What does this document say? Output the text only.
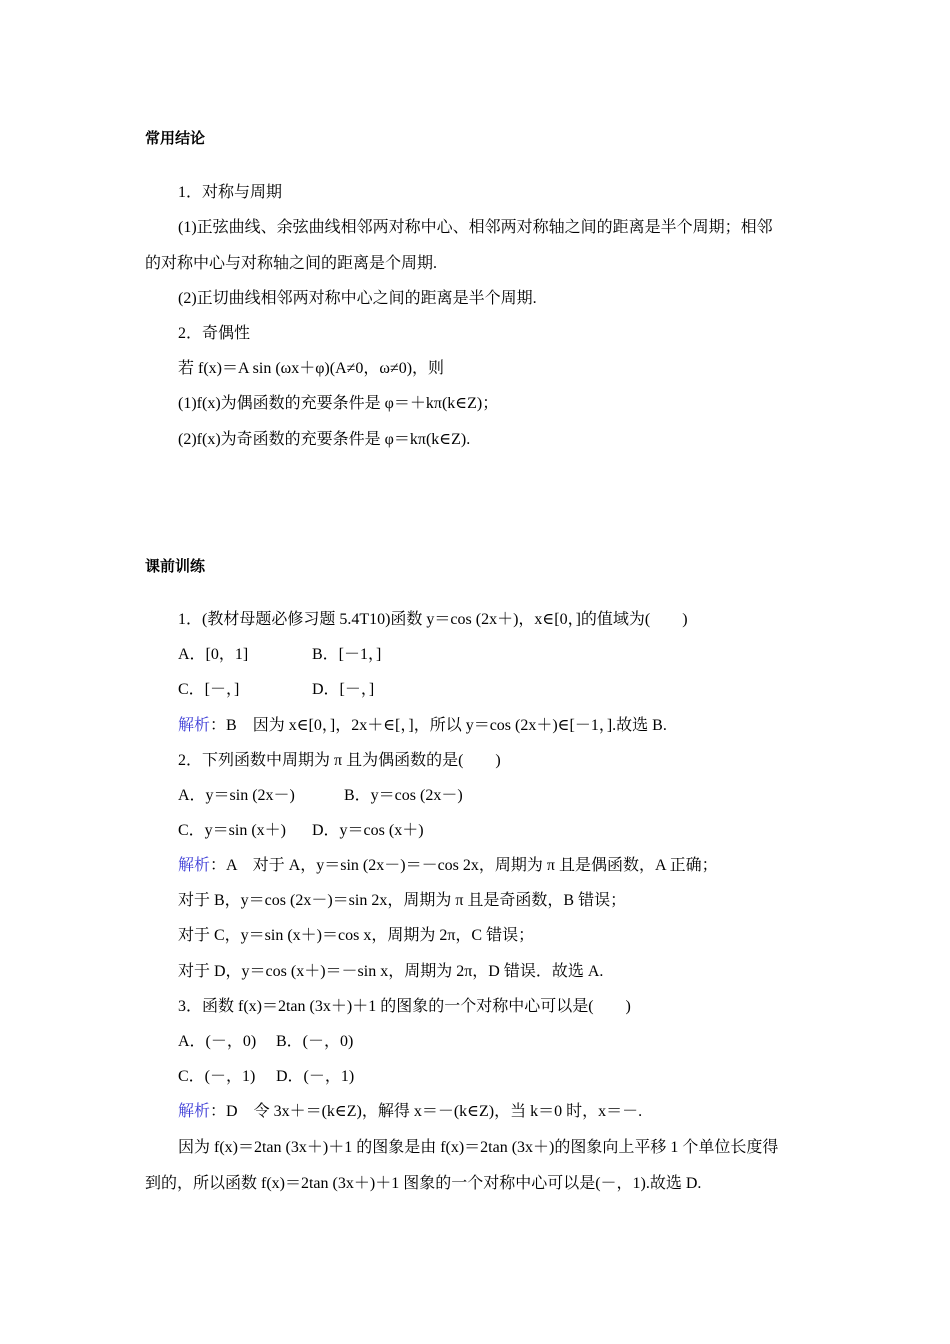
常用结论
1．对称与周期
(1)正弦曲线、余弦曲线相邻两对称中心、相邻两对称轴之间的距离是半个周期；相邻
的对称中心与对称轴之间的距离是个周期.
(2)正切曲线相邻两对称中心之间的距离是半个周期.
2．奇偶性
若 f(x)＝A sin (ωx＋φ)(A≠0，ω≠0)，则
(1)f(x)为偶函数的充要条件是 φ＝＋kπ(k∈Z)；
(2)f(x)为奇函数的充要条件是 φ＝kπ(k∈Z).
课前训练
1．(教材母题必修习题 5.4T10)函数 y＝cos (2x＋)，x∈[0，]的值域为(　　)
A．[0，1]	B．[－1，]
C．[－，]	D．[－，]
解析：B　因为 x∈[0，]，2x＋∈[，]，所以 y＝cos (2x＋)∈[－1，].故选 B.
2．下列函数中周期为 π 且为偶函数的是(　　)
A．y＝sin (2x－)	B．y＝cos (2x－)
C．y＝sin (x＋) D．y＝cos (x＋)
解析：A　对于 A，y＝sin (2x－)＝－cos 2x，周期为 π 且是偶函数，A 正确；
对于 B，y＝cos (2x－)＝sin 2x，周期为 π 且是奇函数，B 错误；
对于 C，y＝sin (x＋)＝cos x，周期为 2π，C 错误；
对于 D，y＝cos (x＋)＝－sin x，周期为 2π，D 错误．故选 A.
3．函数 f(x)＝2tan (3x＋)＋1 的图象的一个对称中心可以是(　　)
A．(－，0) B．(－，0)
C．(－，1) D．(－，1)
解析：D　令 3x＋＝(k∈Z)，解得 x＝－(k∈Z)，当 k＝0 时，x＝－.
因为 f(x)＝2tan (3x＋)＋1 的图象是由 f(x)＝2tan (3x＋)的图象向上平移 1 个单位长度得
到的，所以函数 f(x)＝2tan (3x＋)＋1 图象的一个对称中心可以是(－，1).故选 D.
